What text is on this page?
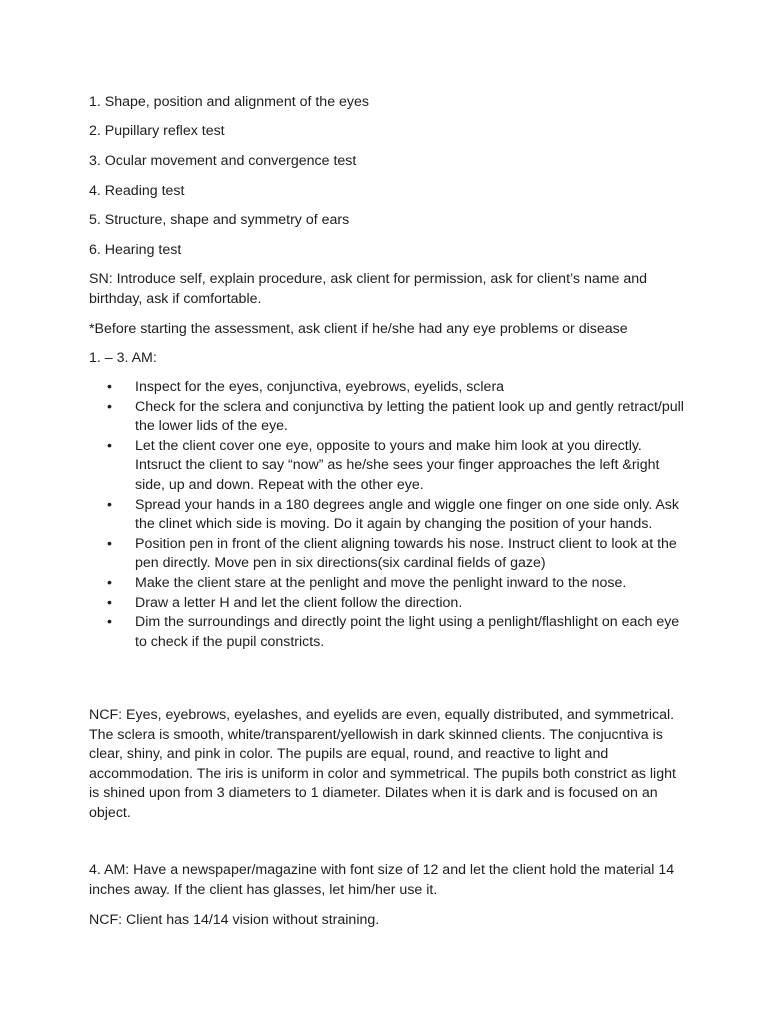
1. Shape, position and alignment of the eyes

2. Pupillary reflex test

3. Ocular movement and convergence test

4. Reading test

5. Structure, shape and symmetry of ears

6. Hearing test

SN: Introduce self, explain procedure, ask client for permission, ask for client’s name and birthday, ask if comfortable.

*Before starting the assessment, ask client if he/she had any eye problems or disease

1. – 3. AM:

• Inspect for the eyes, conjunctiva, eyebrows, eyelids, sclera
• Check for the sclera and conjunctiva by letting the patient look up and gently retract/pull the lower lids of the eye.
• Let the client cover one eye, opposite to yours and make him look at you directly. Intsruct the client to say “now” as he/she sees your finger approaches the left &right side, up and down. Repeat with the other eye.
• Spread your hands in a 180 degrees angle and wiggle one finger on one side only. Ask the clinet which side is moving. Do it again by changing the position of your hands.
• Position pen in front of the client aligning towards his nose. Instruct client to look at the pen directly. Move pen in six directions(six cardinal fields of gaze)
• Make the client stare at the penlight and move the penlight inward to the nose.
• Draw a letter H and let the client follow the direction.
• Dim the surroundings and directly point the light using a penlight/flashlight on each eye to check if the pupil constricts.

NCF: Eyes, eyebrows, eyelashes, and eyelids are even, equally distributed, and symmetrical. The sclera is smooth, white/transparent/yellowish in dark skinned clients. The conjucntiva is clear, shiny, and pink in color. The pupils are equal, round, and reactive to light and accommodation. The iris is uniform in color and symmetrical. The pupils both constrict as light is shined upon from 3 diameters to 1 diameter. Dilates when it is dark and is focused on an object.

4. AM: Have a newspaper/magazine with font size of 12 and let the client hold the material 14 inches away. If the client has glasses, let him/her use it.

NCF: Client has 14/14 vision without straining.
